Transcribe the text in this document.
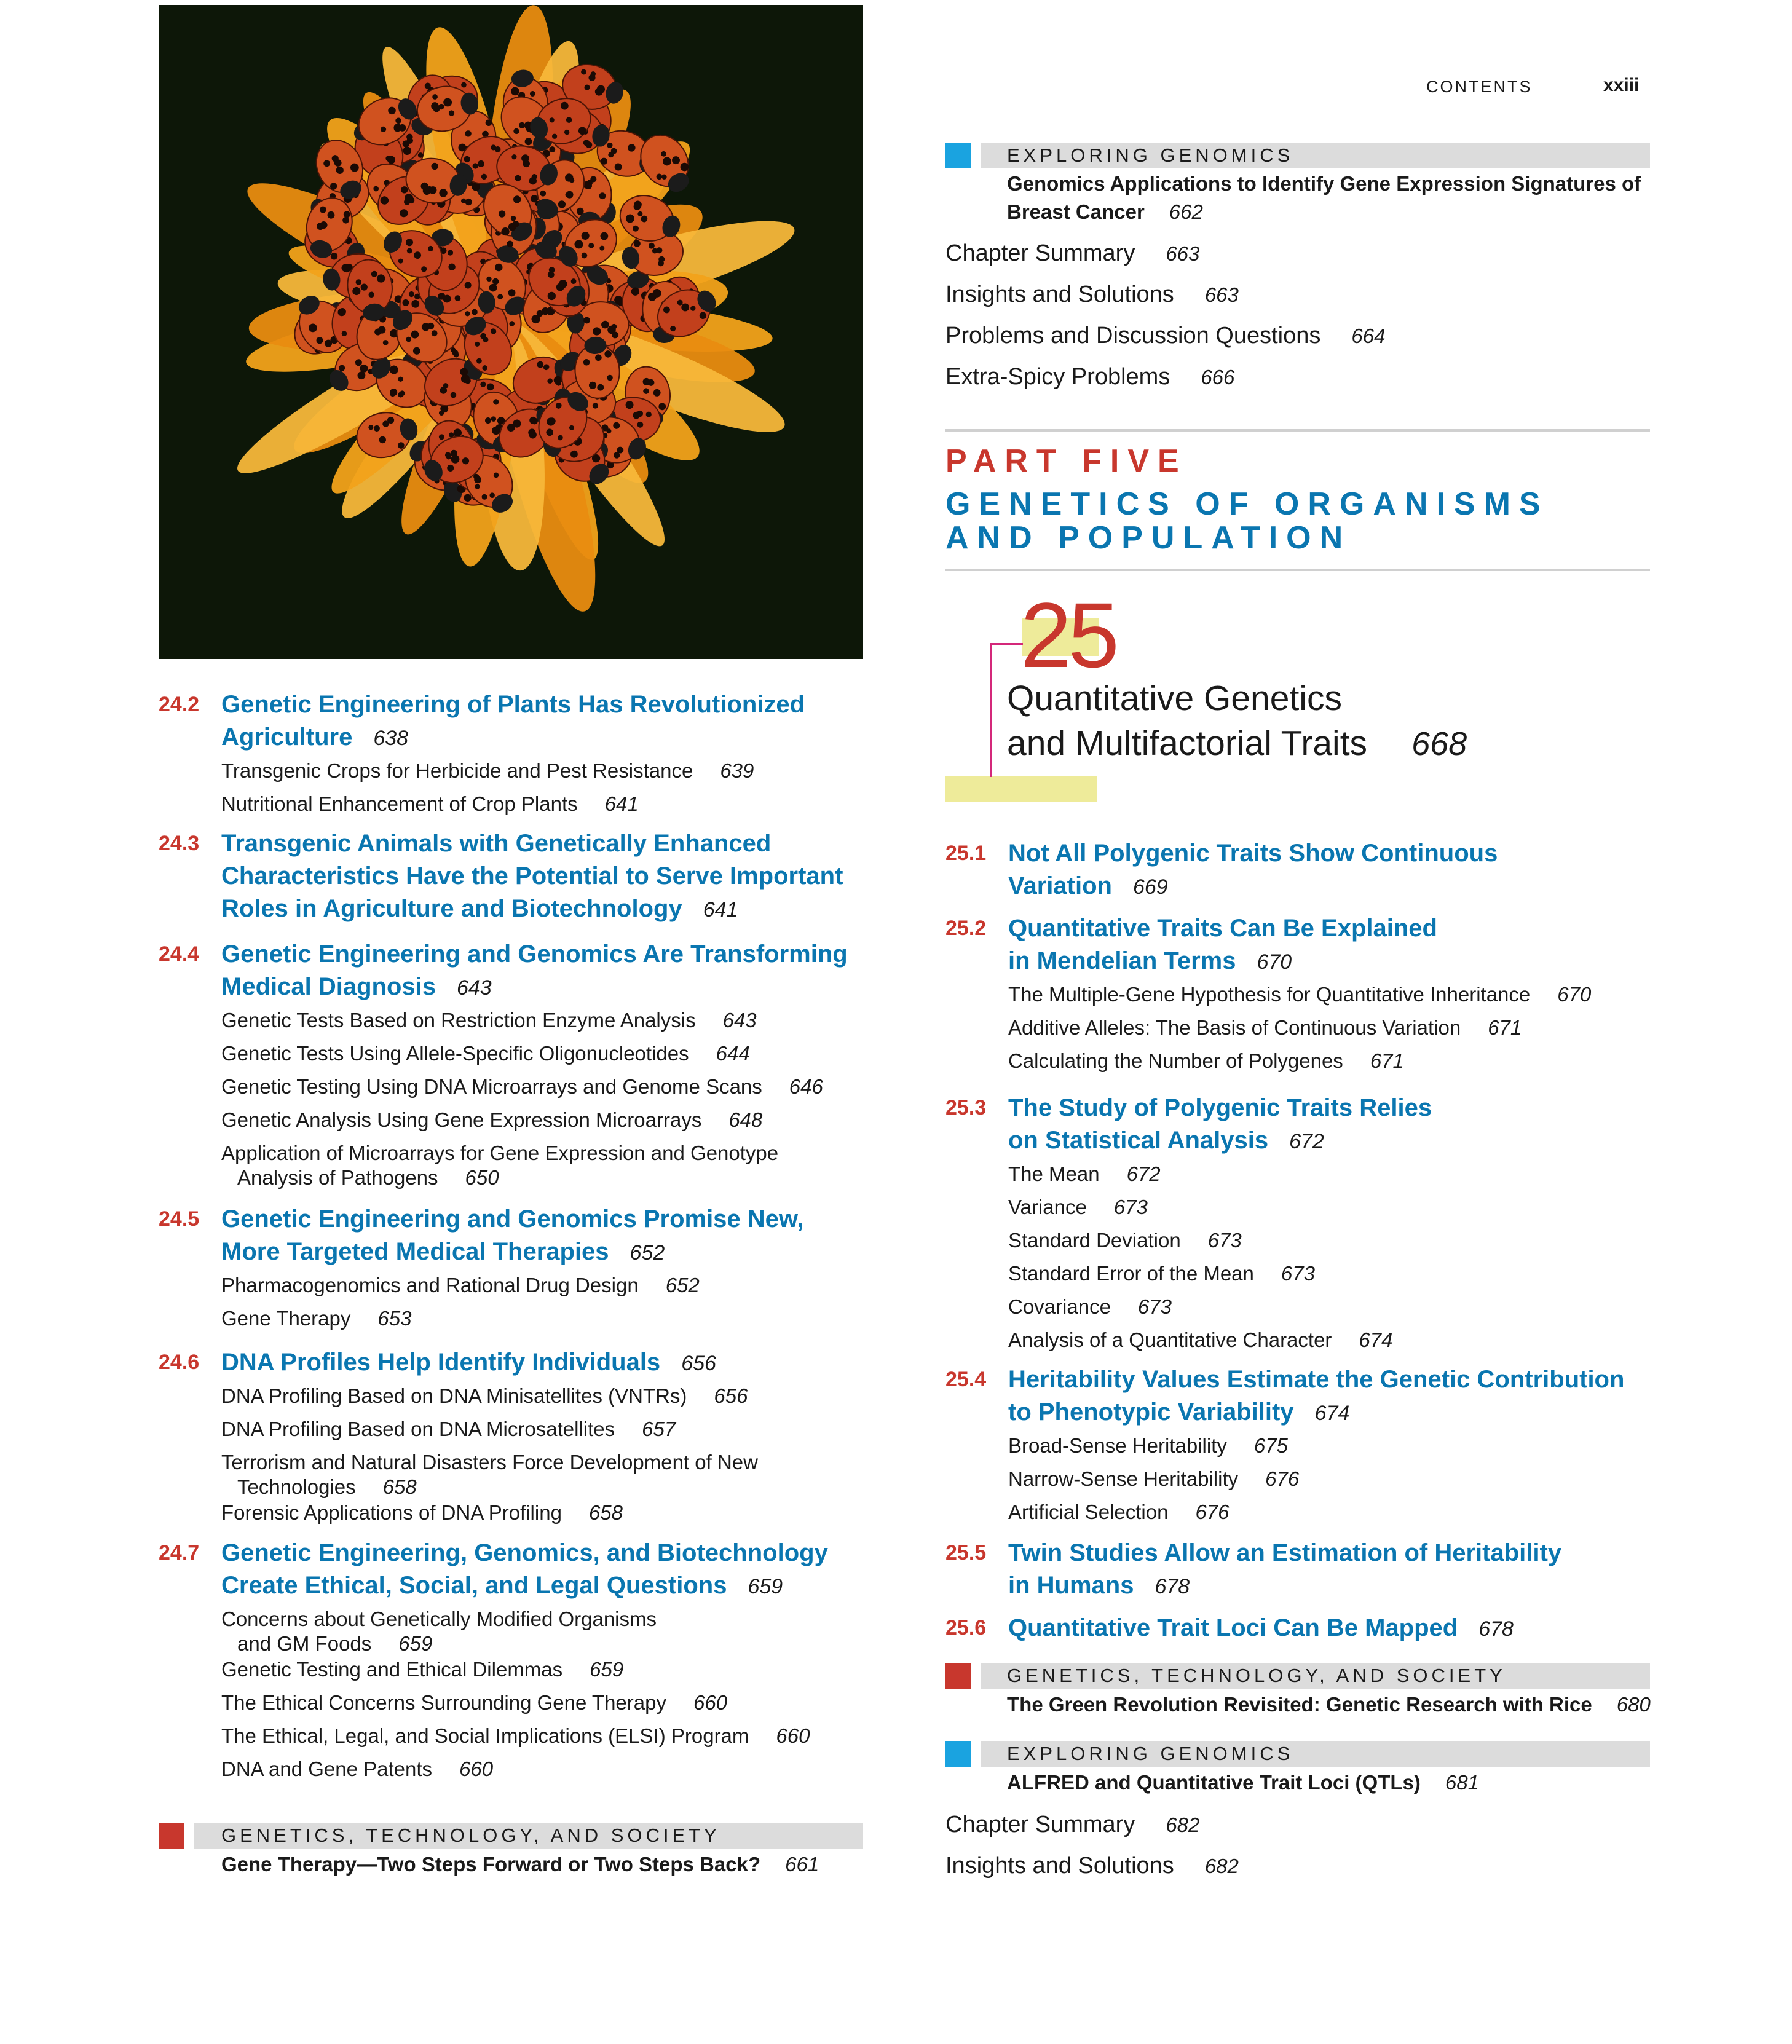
CONTENTS	xxiii
24.2 Genetic Engineering of Plants Has Revolutionized
Agriculture 638
Transgenic Crops for Herbicide and Pest Resistance 639
Nutritional Enhancement of Crop Plants 641
24.3 Transgenic Animals with Genetically Enhanced
Characteristics Have the Potential to Serve Important
Roles in Agriculture and Biotechnology 641
24.4 Genetic Engineering and Genomics Are Transforming
Medical Diagnosis 643
Genetic Tests Based on Restriction Enzyme Analysis 643
Genetic Tests Using Allele-Specific Oligonucleotides 644
Genetic Testing Using DNA Microarrays and Genome Scans 646
Genetic Analysis Using Gene Expression Microarrays 648
Application of Microarrays for Gene Expression and Genotype
Analysis of Pathogens 650
24.5 Genetic Engineering and Genomics Promise New,
More Targeted Medical Therapies 652
Pharmacogenomics and Rational Drug Design 652
Gene Therapy 653
24.6 DNA Profiles Help Identify Individuals 656
DNA Profiling Based on DNA Minisatellites (VNTRs) 656
DNA Profiling Based on DNA Microsatellites 657
Terrorism and Natural Disasters Force Development of New
Technologies 658
Forensic Applications of DNA Profiling 658
24.7 Genetic Engineering, Genomics, and Biotechnology
Create Ethical, Social, and Legal Questions 659
Concerns about Genetically Modified Organisms
and GM Foods 659
Genetic Testing and Ethical Dilemmas 659
The Ethical Concerns Surrounding Gene Therapy 660
The Ethical, Legal, and Social Implications (ELSI) Program 660
DNA and Gene Patents 660
GENETICS, TECHNOLOGY, AND SOCIETY
Gene Therapy—Two Steps Forward or Two Steps Back? 661
EXPLORING GENOMICS
Genomics Applications to Identify Gene Expression Signatures of
Breast Cancer 662
Chapter Summary 663
Insights and Solutions 663
Problems and Discussion Questions 664
Extra-Spicy Problems 666
PART FIVE
GENETICS OF ORGANISMS
AND POPULATION
25
Quantitative Genetics
and Multifactorial Traits 668
25.1 Not All Polygenic Traits Show Continuous
Variation 669
25.2 Quantitative Traits Can Be Explained
in Mendelian Terms 670
The Multiple-Gene Hypothesis for Quantitative Inheritance 670
Additive Alleles: The Basis of Continuous Variation 671
Calculating the Number of Polygenes 671
25.3 The Study of Polygenic Traits Relies
on Statistical Analysis 672
The Mean 672
Variance 673
Standard Deviation 673
Standard Error of the Mean 673
Covariance 673
Analysis of a Quantitative Character 674
25.4 Heritability Values Estimate the Genetic Contribution
to Phenotypic Variability 674
Broad-Sense Heritability 675
Narrow-Sense Heritability 676
Artificial Selection 676
25.5 Twin Studies Allow an Estimation of Heritability
in Humans 678
25.6 Quantitative Trait Loci Can Be Mapped 678
GENETICS, TECHNOLOGY, AND SOCIETY
The Green Revolution Revisited: Genetic Research with Rice 680
EXPLORING GENOMICS
ALFRED and Quantitative Trait Loci (QTLs) 681
Chapter Summary 682
Insights and Solutions 682
